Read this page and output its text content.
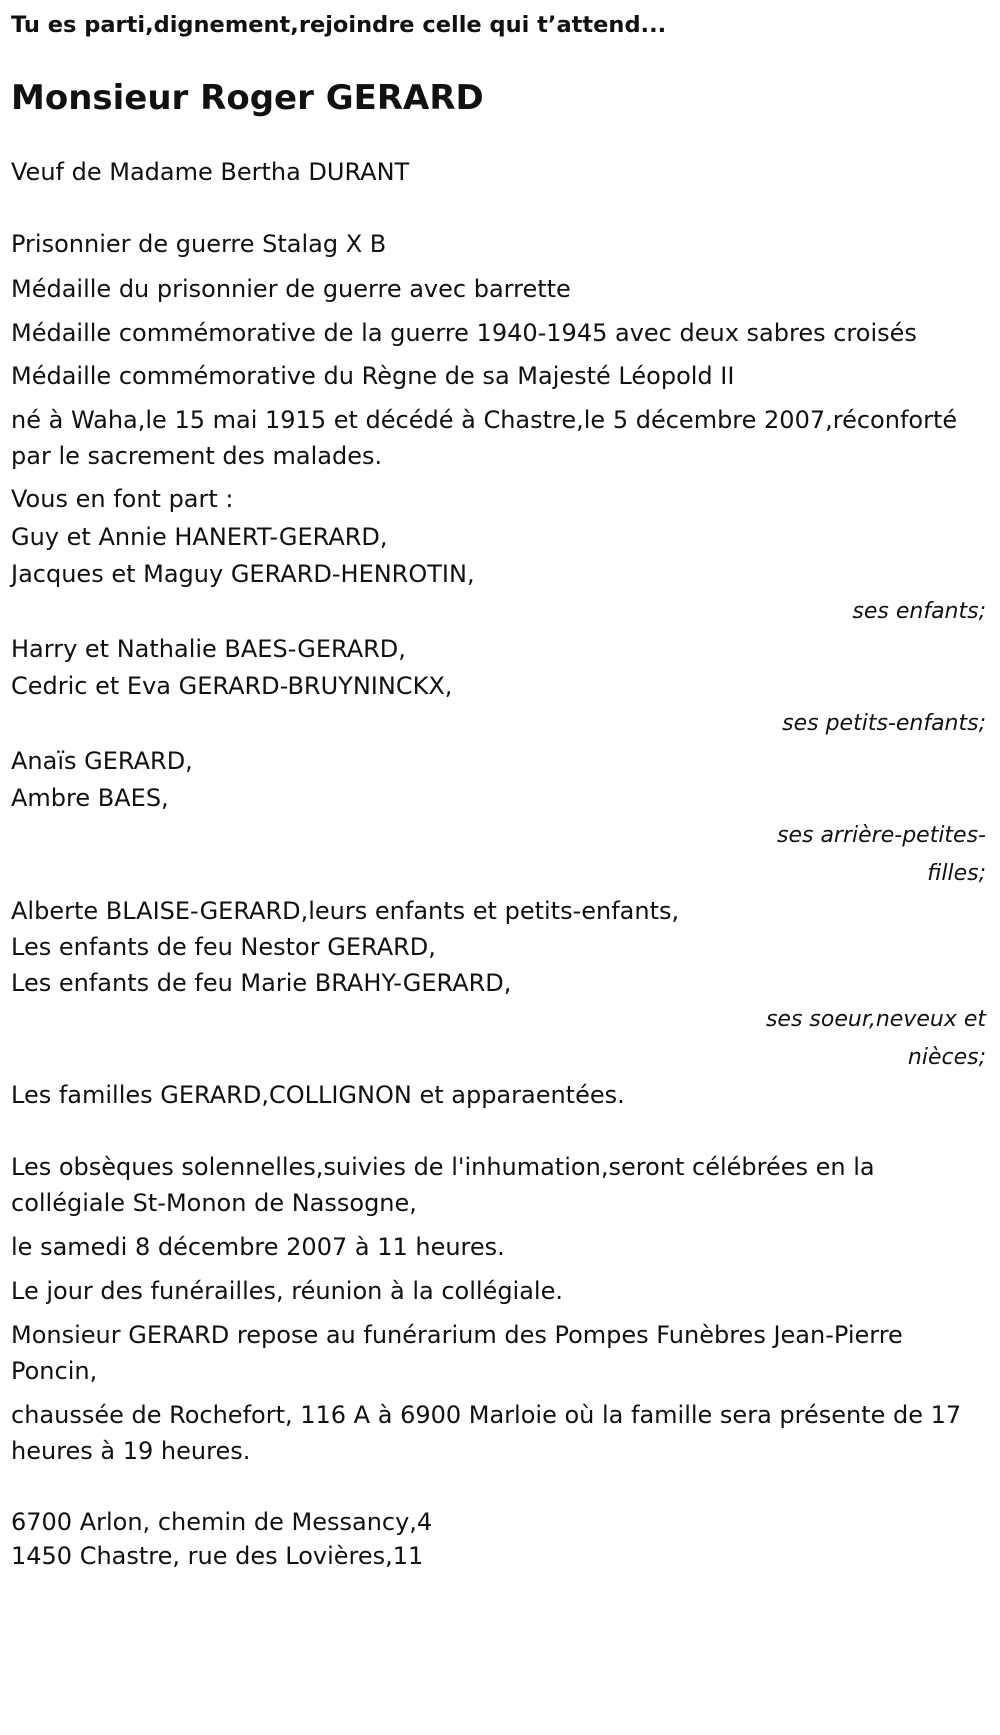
Tu es parti,dignement,rejoindre celle qui t’attend...

Monsieur Roger GERARD

Veuf de Madame Bertha DURANT

Prisonnier de guerre Stalag X B

Médaille du prisonnier de guerre avec barrette

Médaille commémorative de la guerre 1940-1945 avec deux sabres croisés

Médaille commémorative du Règne de sa Majesté Léopold II

né à Waha,le 15 mai 1915 et décédé à Chastre,le 5 décembre 2007,réconforté par le sacrement des malades.

Vous en font part :

Guy et Annie HANERT-GERARD,

Jacques et Maguy GERARD-HENROTIN,

ses enfants;

Harry et Nathalie BAES-GERARD,

Cedric et Eva GERARD-BRUYNINCKX,

ses petits-enfants;

Anaïs GERARD,

Ambre BAES,

ses arrière-petites-

filles;

Alberte BLAISE-GERARD,leurs enfants et petits-enfants,

Les enfants de feu Nestor GERARD,

Les enfants de feu Marie BRAHY-GERARD,

ses soeur,neveux et

nièces;

Les familles GERARD,COLLIGNON et apparaentées.

Les obsèques solennelles,suivies de l'inhumation,seront célébrées en la collégiale St-Monon de Nassogne,

le samedi 8 décembre 2007 à 11 heures.

Le jour des funérailles, réunion à la collégiale.

Monsieur GERARD repose au funérarium des Pompes Funèbres Jean-Pierre Poncin,

chaussée de Rochefort, 116 A à 6900 Marloie où la famille sera présente de 17 heures à 19 heures.

6700 Arlon, chemin de Messancy,4

1450 Chastre, rue des Lovières,11
